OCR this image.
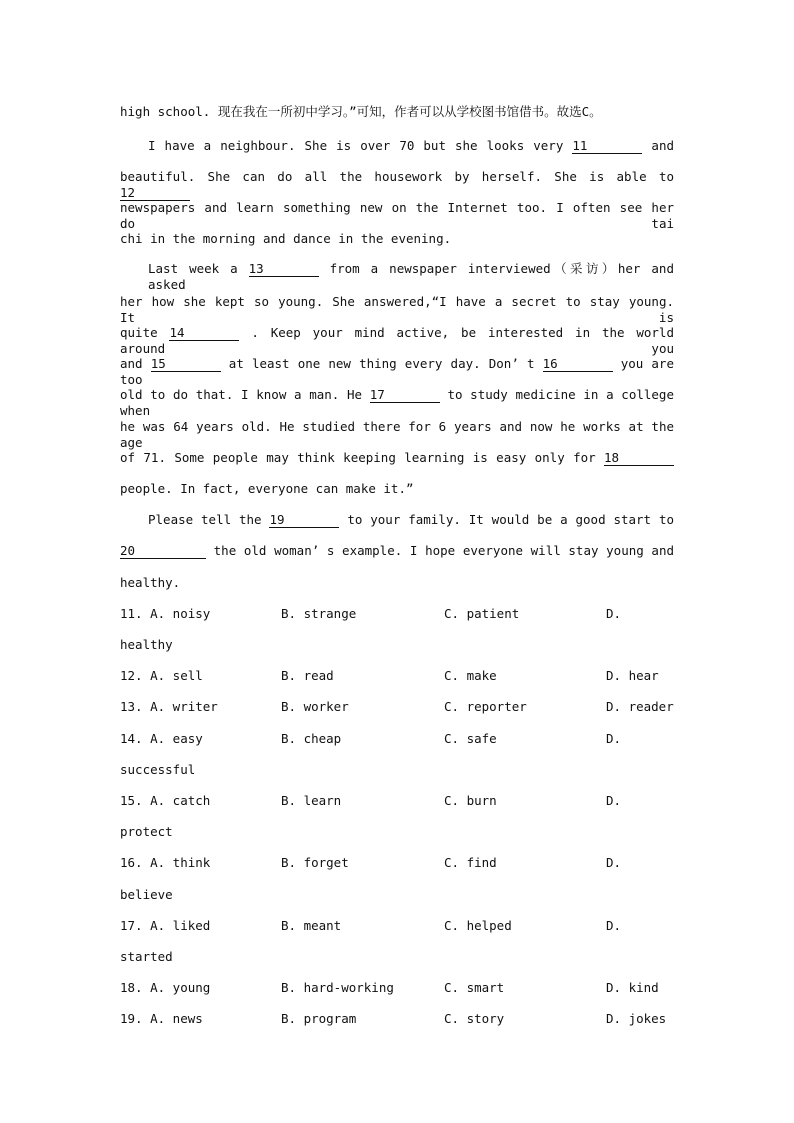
high school. 现在我在一所初中学习。”可知，作者可以从学校图书馆借书。故选C。
I have a neighbour. She is over 70 but she looks very 11	and
beautiful. She can do all the housework by herself. She is able to 12
newspapers and learn something new on the Internet too. I often see her do tai
chi in the morning and dance in the evening.
Last week a 13	from a newspaper interviewed（采访）her and asked
her how she kept so young. She answered,“I have a secret to stay young. It is
quite 14	. Keep your mind active, be interested in the world around you
and 15	at least one new thing every day. Don’ t 16	you are too
old to do that. I know a man. He 17	to study medicine in a college when
he was 64 years old. He studied there for 6 years and now he works at the age
of 71. Some people may think keeping learning is easy only for 18
people. In fact, everyone can make it.”
Please tell the 19	to your family. It would be a good start to
20	the old woman’ s example. I hope everyone will stay young and
healthy.
11. A. noisy	B. strange	C. patient	D.
healthy
12. A. sell	B. read	C. make	D. hear
13. A. writer	B. worker	C. reporter	D. reader
14. A. easy	B. cheap	C. safe	D.
successful
15. A. catch	B. learn	C. burn	D.
protect
16. A. think	B. forget	C. find	D.
believe
17. A. liked	B. meant	C. helped	D.
started
18. A. young	B. hard-working	C. smart	D. kind
19. A. news	B. program	C. story	D. jokes
